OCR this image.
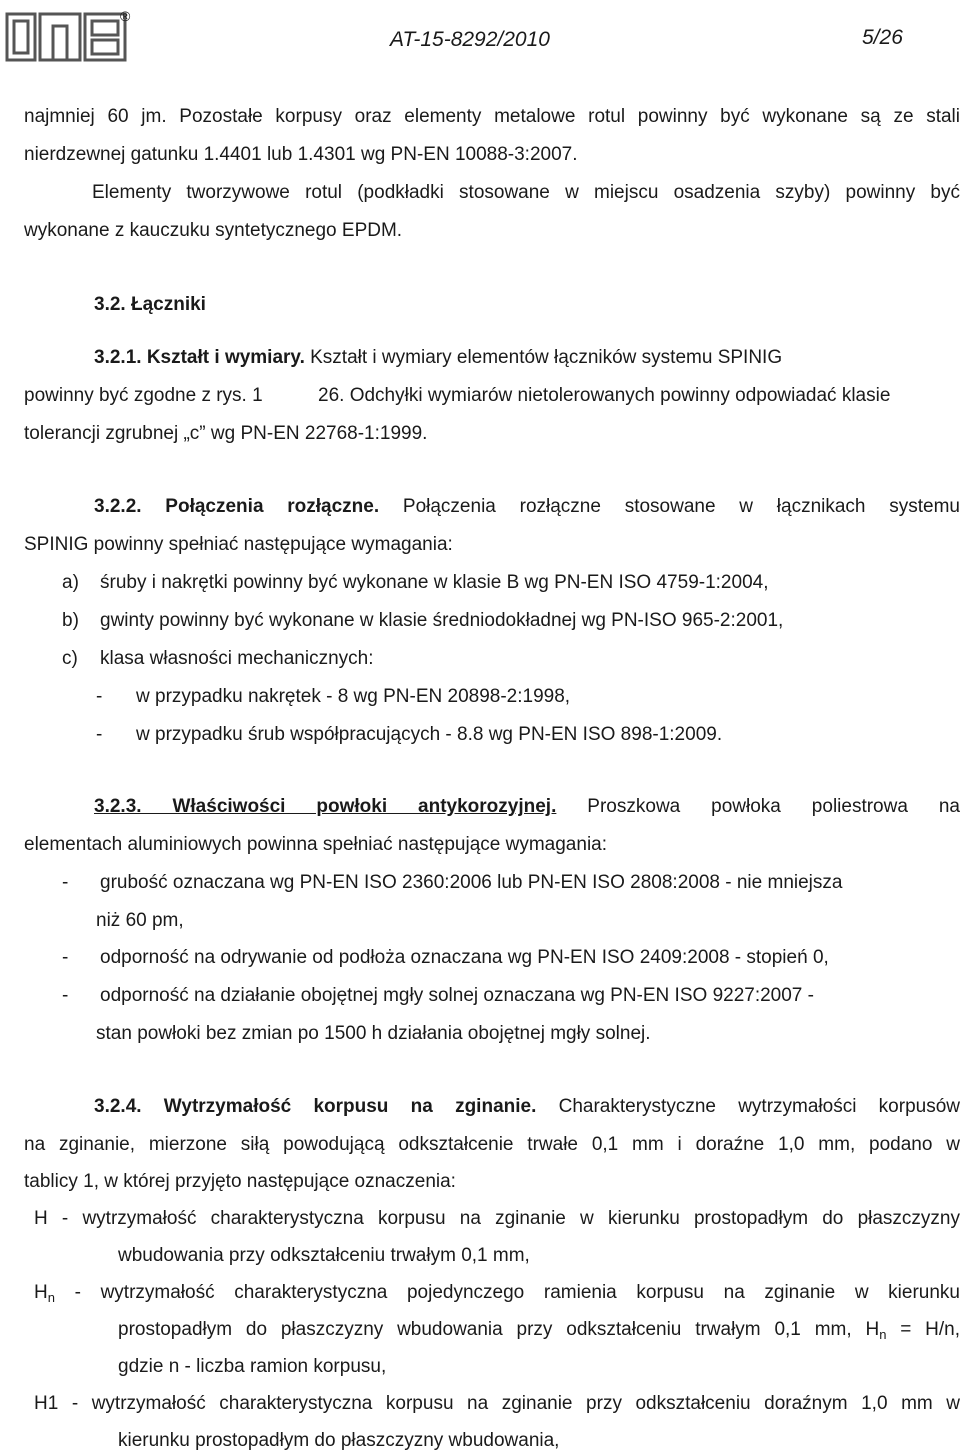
®
AT-15-8292/2010	5/26
najmniej 60 jm. Pozostałe korpusy oraz elementy metalowe rotul powinny być wykonane są ze stali
nierdzewnej gatunku 1.4401 lub 1.4301 wg PN-EN 10088-3:2007.
Elementy tworzywowe rotul (podkładki stosowane w miejscu osadzenia szyby) powinny być
wykonane z kauczuku syntetycznego EPDM.
3.2. Łączniki
3.2.1. Kształt i wymiary. Kształt i wymiary elementów łączników systemu SPINIG
powinny być zgodne z rys. 1	26. Odchyłki wymiarów nietolerowanych powinny odpowiadać klasie
tolerancji zgrubnej „c” wg PN-EN 22768-1:1999.
3.2.2. Połączenia rozłączne. Połączenia rozłączne stosowane w łącznikach systemu
SPINIG powinny spełniać następujące wymagania:
a) śruby i nakrętki powinny być wykonane w klasie B wg PN-EN ISO 4759-1:2004,
b) gwinty powinny być wykonane w klasie średniodokładnej wg PN-ISO 965-2:2001,
c) klasa własności mechanicznych:
- w przypadku nakrętek - 8 wg PN-EN 20898-2:1998,
- w przypadku śrub współpracujących - 8.8 wg PN-EN ISO 898-1:2009.
3.2.3. Właściwości powłoki antykorozyjnej. Proszkowa powłoka poliestrowa na
elementach aluminiowych powinna spełniać następujące wymagania:
- grubość oznaczana wg PN-EN ISO 2360:2006 lub PN-EN ISO 2808:2008 - nie mniejsza
niż 60 pm,
- odporność na odrywanie od podłoża oznaczana wg PN-EN ISO 2409:2008 - stopień 0,
- odporność na działanie obojętnej mgły solnej oznaczana wg PN-EN ISO 9227:2007 -
stan powłoki bez zmian po 1500 h działania obojętnej mgły solnej.
3.2.4. Wytrzymałość korpusu na zginanie. Charakterystyczne wytrzymałości korpusów
na zginanie, mierzone siłą powodującą odkształcenie trwałe 0,1 mm i doraźne 1,0 mm, podano w
tablicy 1, w której przyjęto następujące oznaczenia:
H - wytrzymałość charakterystyczna korpusu na zginanie w kierunku prostopadłym do płaszczyzny
wbudowania przy odkształceniu trwałym 0,1 mm,
$H_n$ - wytrzymałość charakterystyczna pojedynczego ramienia korpusu na zginanie w kierunku
prostopadłym do płaszczyzny wbudowania przy odkształceniu trwałym 0,1 mm, $H_n = H/n$,
gdzie n - liczba ramion korpusu,
H1 - wytrzymałość charakterystyczna korpusu na zginanie przy odkształceniu doraźnym 1,0 mm w
kierunku prostopadłym do płaszczyzny wbudowania,
